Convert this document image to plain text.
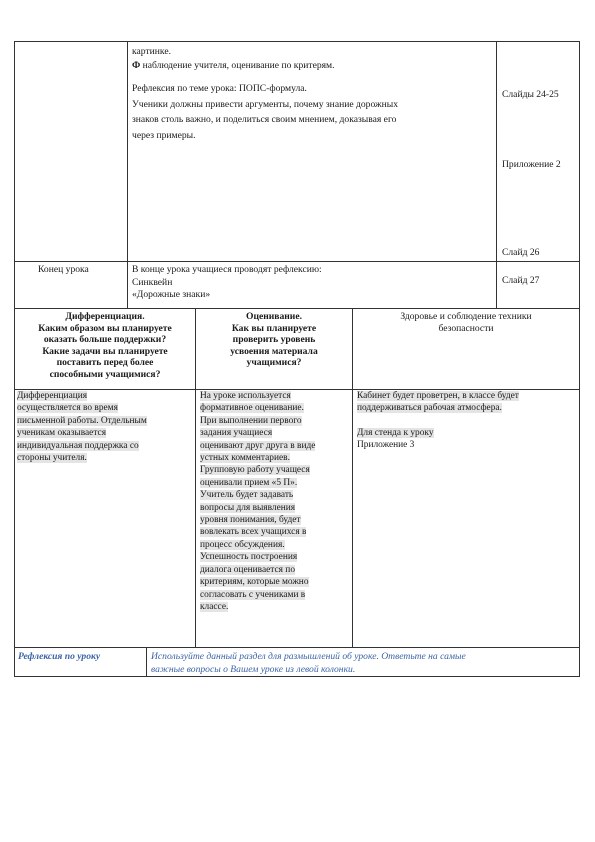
картинке.

Ф наблюдение учителя, оценивание по критерям.

Рефлексия по теме урока: ПОПС-формула.

Ученики должны привести аргументы, почему знание дорожных

знаков столь важно, и поделиться своим мнением, доказывая его

через примеры.

Слайды 24-25
Приложение 2
Слайд 26
Конец урока	В конце урока учащиеся проводят рефлексию:

Синквейн

«Дорожные знаки»

Слайд 27

Дифференциация.

Каким образом вы планируете

оказать больше поддержки?

Какие задачи вы планируете

поставить перед более

способными учащимися?

Оценивание.

Как вы планируете

проверить уровень

усвоения материала

учащимися?

Здоровье и соблюдение техники

безопасности

Дифференциация

осуществляется во время

письменной работы. Отдельным

ученикам оказывается

индивидуальная поддержка со

стороны учителя.

На уроке используется

формативное оценивание.

При выполнении первого

задания учащиеся

оценивают друг друга в виде

устных комментариев.

Групповую работу учащеся

оценивали прием «5 П».

Учитель будет задавать

вопросы для выявления

уровня понимания, будет

вовлекать всех учащихся в

процесс обсуждения.

Успешность построения

диалога оценивается по

критериям, которые можно

согласовать с учениками в

классе.

Кабинет будет проветрен, в классе будет

поддерживаться рабочая атмосфера.

Для стенда к уроку

Приложение 3

Рефлексия по уроку	Используйте данный раздел для размышлений об уроке. Ответьте на самые

важные вопросы о Вашем уроке из левой колонки.
